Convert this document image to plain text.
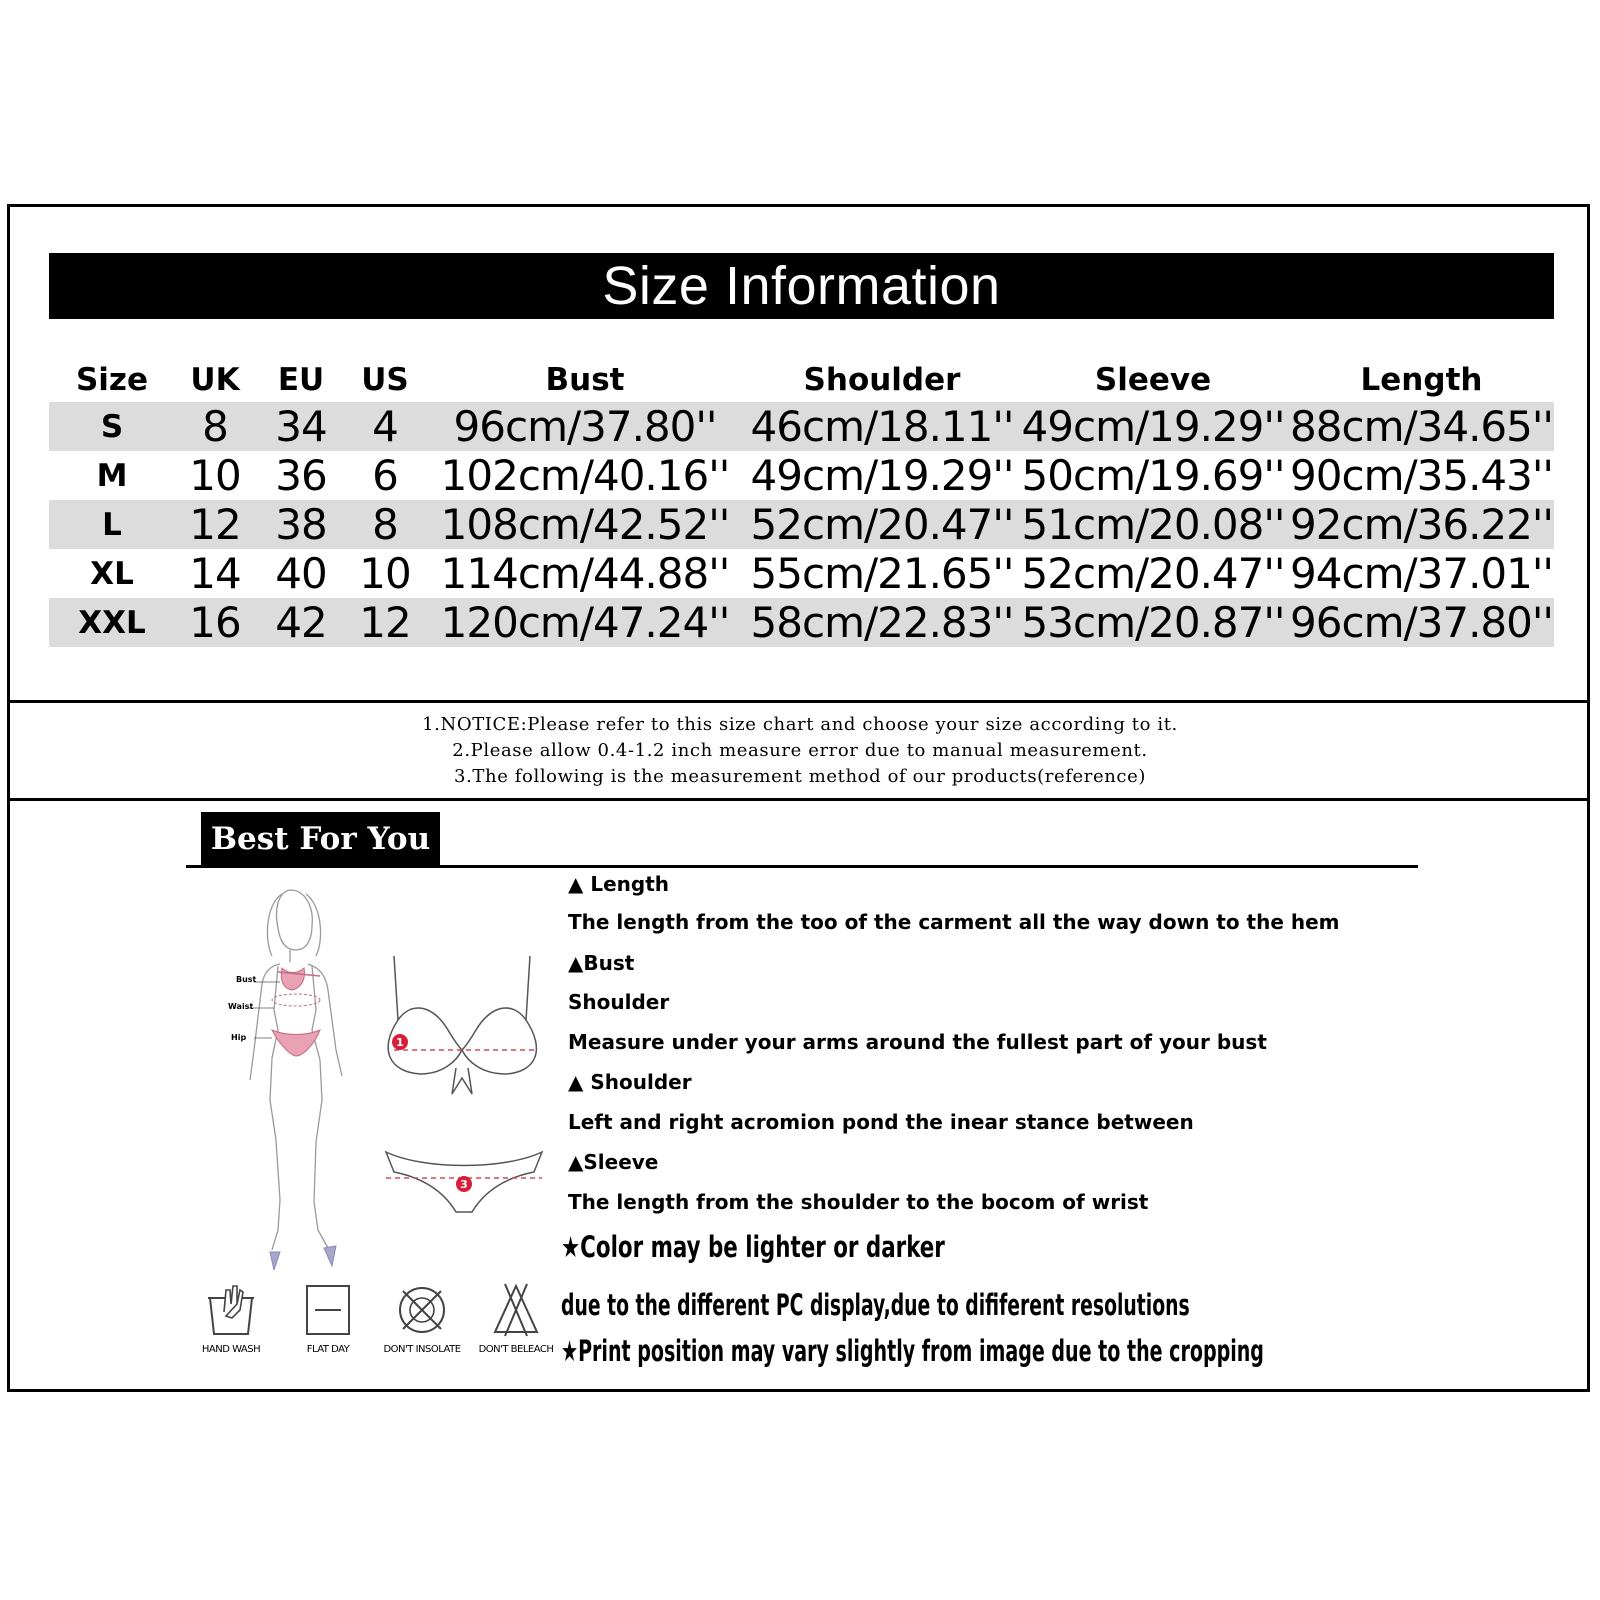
Size Information
Size	UK	EU	US	Bust	Shoulder	Sleeve	Length
S	8	34	4	96cm/37.80''	46cm/18.11''	49cm/19.29''	88cm/34.65''
M	10	36	6	102cm/40.16''	49cm/19.29''	50cm/19.69''	90cm/35.43''
L	12	38	8	108cm/42.52''	52cm/20.47''	51cm/20.08''	92cm/36.22''
XL	14	40	10	114cm/44.88''	55cm/21.65''	52cm/20.47''	94cm/37.01''
XXL	16	42	12	120cm/47.24''	58cm/22.83''	53cm/20.87''	96cm/37.80''
1.NOTICE:Please refer to this size chart and choose your size according to it.
2.Please allow 0.4-1.2 inch measure error due to manual measurement.
3.The following is the measurement method of our products(reference)
Best For You
Bust
Waist
Hip	1
3
▲ Length
The length from the too of the carment all the way down to the hem
▲Bust
Shoulder
Measure under your arms around the fullest part of your bust
▲ Shoulder
Left and right acromion pond the inear stance between
▲Sleeve
The length from the shoulder to the bocom of wrist
★Color may be lighter or darker
due to the different PC display,due to dififerent resolutions
★Print position may vary slightly from image due to the cropping
HAND WASH	FLAT DAY	DON'T INSOLATE	DON'T BELEACH
